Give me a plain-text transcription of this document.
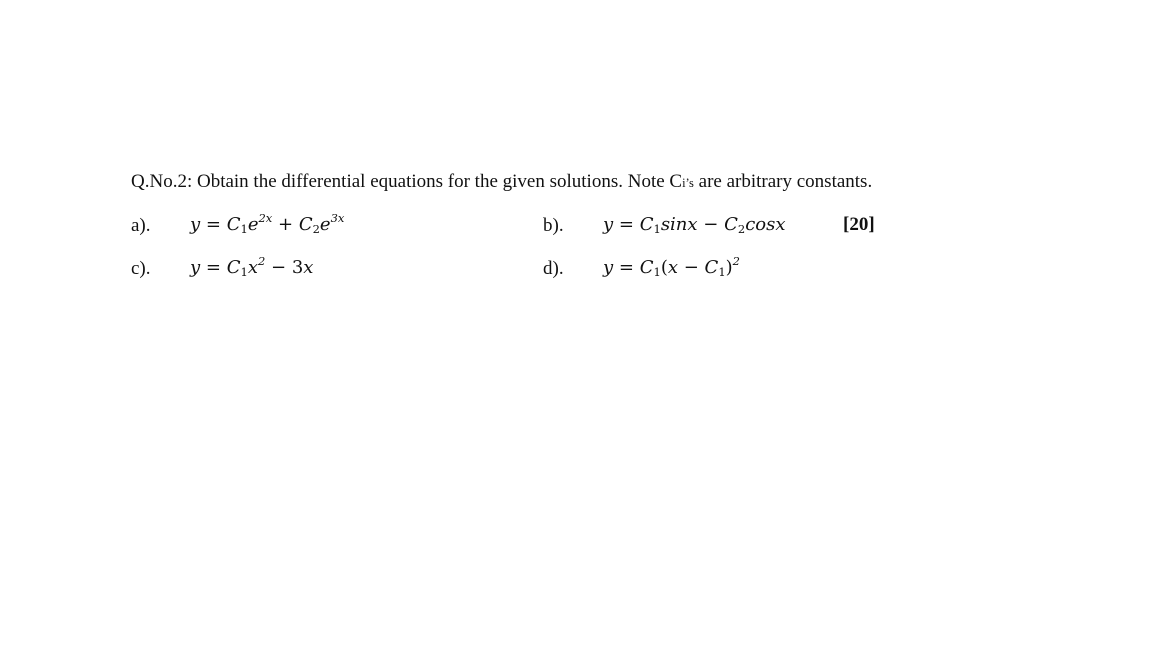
Q.No.2: Obtain the differential equations for the given solutions. Note Ci’s are arbitrary constants.
a). $y = C_1e^{2x} + C_2e^{3x}$	b). $y = C_1\sin x - C_2\cos x$	[20]
c). $y = C_1x^2 - 3x$	d). $y = C_1(x - C_1)^2$
